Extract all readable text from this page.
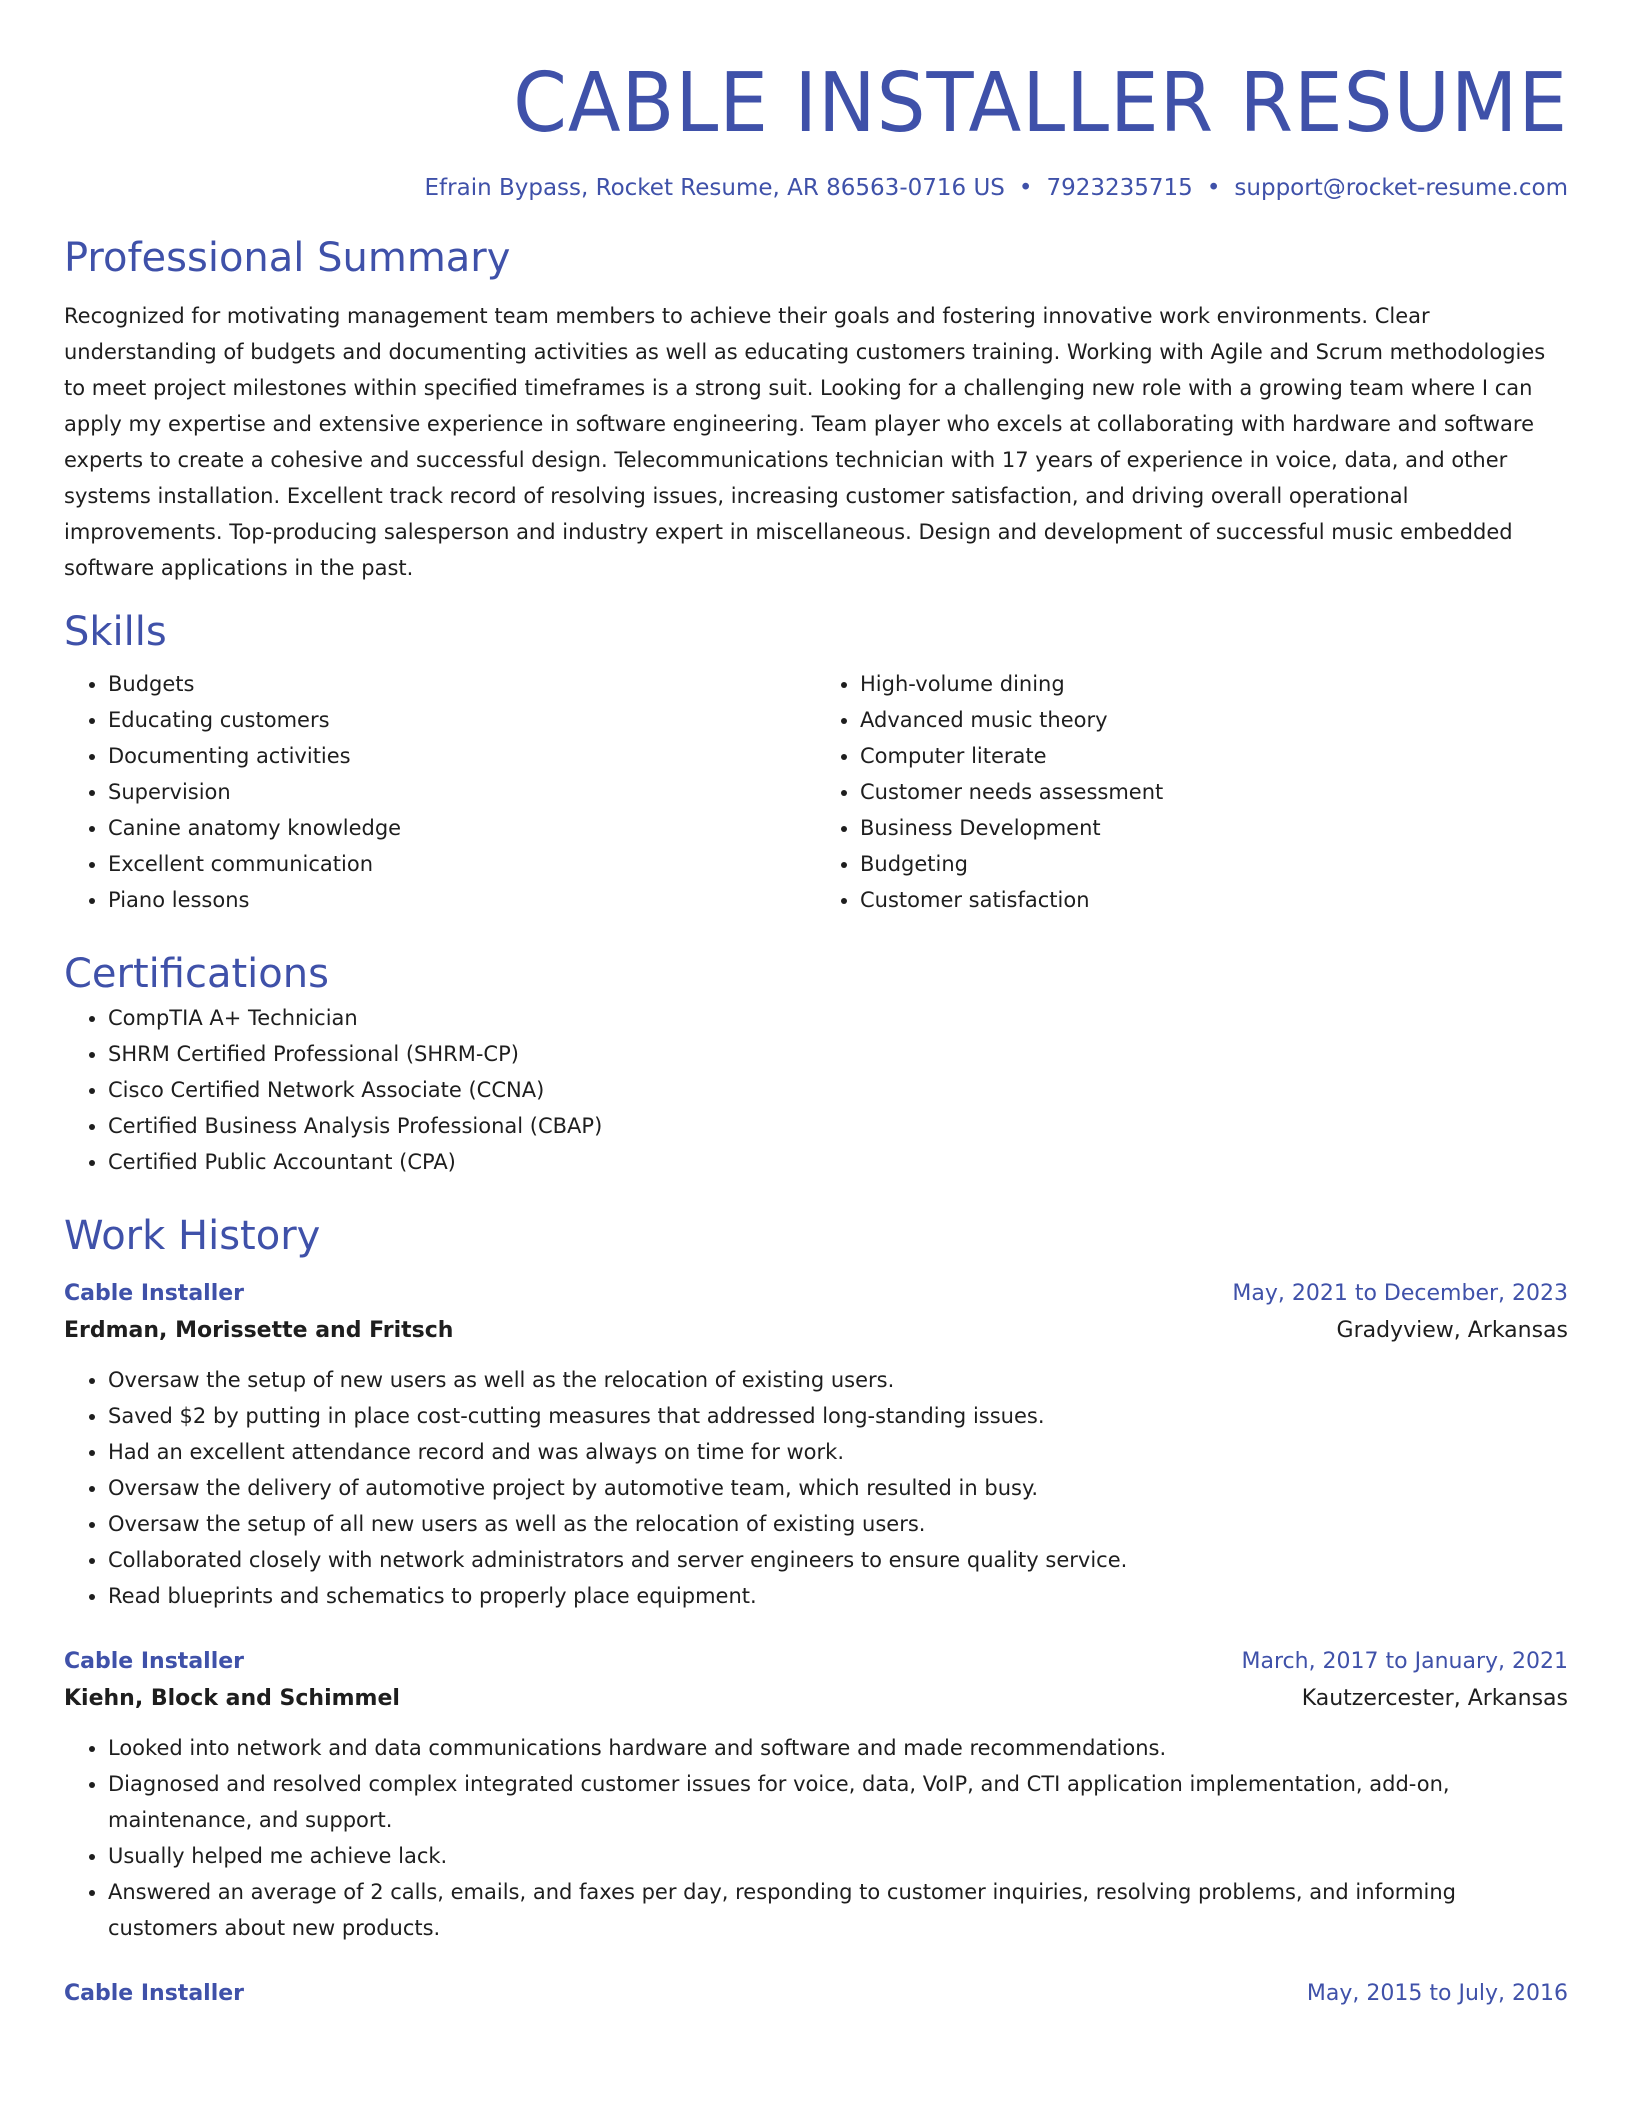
CABLE INSTALLER RESUME
Efrain Bypass, Rocket Resume, AR 86563-0716 US • 7923235715 • support@rocket-resume.com
Professional Summary
Recognized for motivating management team members to achieve their goals and fostering innovative work environments. Clear understanding of budgets and documenting activities as well as educating customers training. Working with Agile and Scrum methodologies to meet project milestones within specified timeframes is a strong suit. Looking for a challenging new role with a growing team where I can apply my expertise and extensive experience in software engineering. Team player who excels at collaborating with hardware and software experts to create a cohesive and successful design. Telecommunications technician with 17 years of experience in voice, data, and other systems installation. Excellent track record of resolving issues, increasing customer satisfaction, and driving overall operational improvements. Top-producing salesperson and industry expert in miscellaneous. Design and development of successful music embedded software applications in the past.
Skills
• Budgets
• Educating customers
• Documenting activities
• Supervision
• Canine anatomy knowledge
• Excellent communication
• Piano lessons
• High-volume dining
• Advanced music theory
• Computer literate
• Customer needs assessment
• Business Development
• Budgeting
• Customer satisfaction
Certifications
• CompTIA A+ Technician
• SHRM Certified Professional (SHRM-CP)
• Cisco Certified Network Associate (CCNA)
• Certified Business Analysis Professional (CBAP)
• Certified Public Accountant (CPA)
Work History
Cable Installer	May, 2021 to December, 2023
Erdman, Morissette and Fritsch	Gradyview, Arkansas
• Oversaw the setup of new users as well as the relocation of existing users.
• Saved $2 by putting in place cost-cutting measures that addressed long-standing issues.
• Had an excellent attendance record and was always on time for work.
• Oversaw the delivery of automotive project by automotive team, which resulted in busy.
• Oversaw the setup of all new users as well as the relocation of existing users.
• Collaborated closely with network administrators and server engineers to ensure quality service.
• Read blueprints and schematics to properly place equipment.
Cable Installer	March, 2017 to January, 2021
Kiehn, Block and Schimmel	Kautzercester, Arkansas
• Looked into network and data communications hardware and software and made recommendations.
• Diagnosed and resolved complex integrated customer issues for voice, data, VoIP, and CTI application implementation, add-on, maintenance, and support.
• Usually helped me achieve lack.
• Answered an average of 2 calls, emails, and faxes per day, responding to customer inquiries, resolving problems, and informing customers about new products.
Cable Installer	May, 2015 to July, 2016
